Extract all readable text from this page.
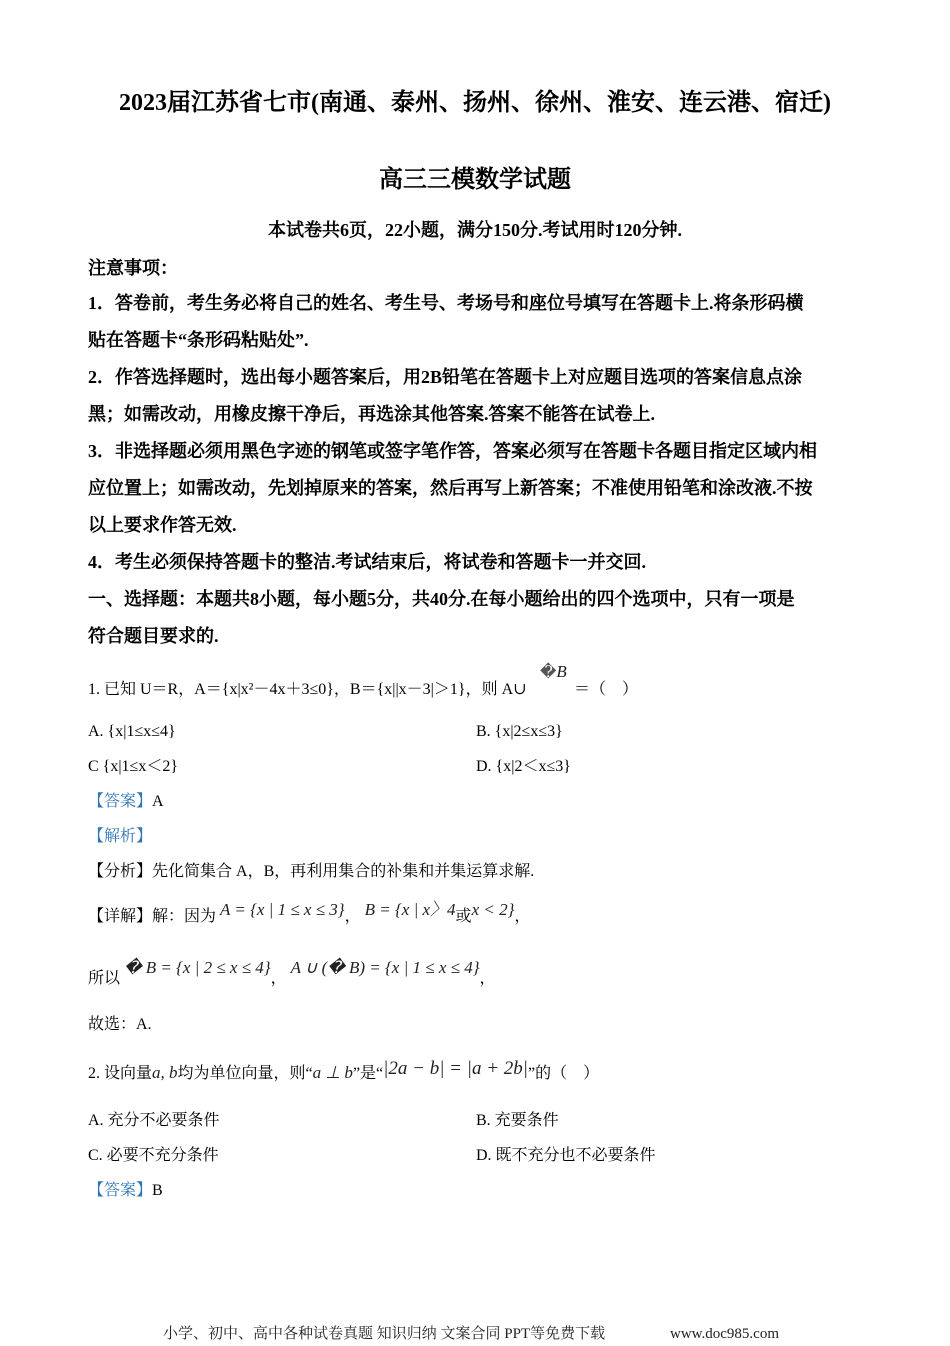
2023届江苏省七市(南通、泰州、扬州、徐州、淮安、连云港、宿迁)
高三三模数学试题
本试卷共6页，22小题，满分150分.考试用时120分钟.
注意事项：
1．答卷前，考生务必将自己的姓名、考生号、考场号和座位号填写在答题卡上.将条形码横
贴在答题卡“条形码粘贴处”.
2．作答选择题时，选出每小题答案后，用2B铅笔在答题卡上对应题目选项的答案信息点涂
黑；如需改动，用橡皮擦干净后，再选涂其他答案.答案不能答在试卷上.
3．非选择题必须用黑色字迹的钢笔或签字笔作答，答案必须写在答题卡各题目指定区域内相
应位置上；如需改动，先划掉原来的答案，然后再写上新答案；不准使用铅笔和涂改液.不按
以上要求作答无效.
4．考生必须保持答题卡的整洁.考试结束后，将试卷和答题卡一并交回.
一、选择题：本题共8小题，每小题5分，共40分.在每小题给出的四个选项中，只有一项是
符合题目要求的.
1. 已知 U＝R，A＝{x|x²－4x＋3≤0}，B＝{x||x－3|＞1}，则 A∪
�B
＝（　）
A. {x|1≤x≤4}	B. {x|2≤x≤3}
C {x|1≤x＜2}	D. {x|2＜x≤3}
【答案】A
【解析】
【分析】先化简集合 A，B，再利用集合的补集和并集运算求解.
【详解】解：因为 A = {x | 1 ≤ x ≤ 3}， B = {x | x〉4或x < 2}，
所以 � B = {x | 2 ≤ x ≤ 4}， A ∪ (� B) = {x | 1 ≤ x ≤ 4}，
故选：A.
2. 设向量a, b均为单位向量，则“a ⊥ b”是“|2a − b| = |a + 2b|”的（　）
A. 充分不必要条件	B. 充要条件
C. 必要不充分条件	D. 既不充分也不必要条件
【答案】B
小学、初中、高中各种试卷真题 知识归纳 文案合同 PPT等免费下载	www.doc985.com
